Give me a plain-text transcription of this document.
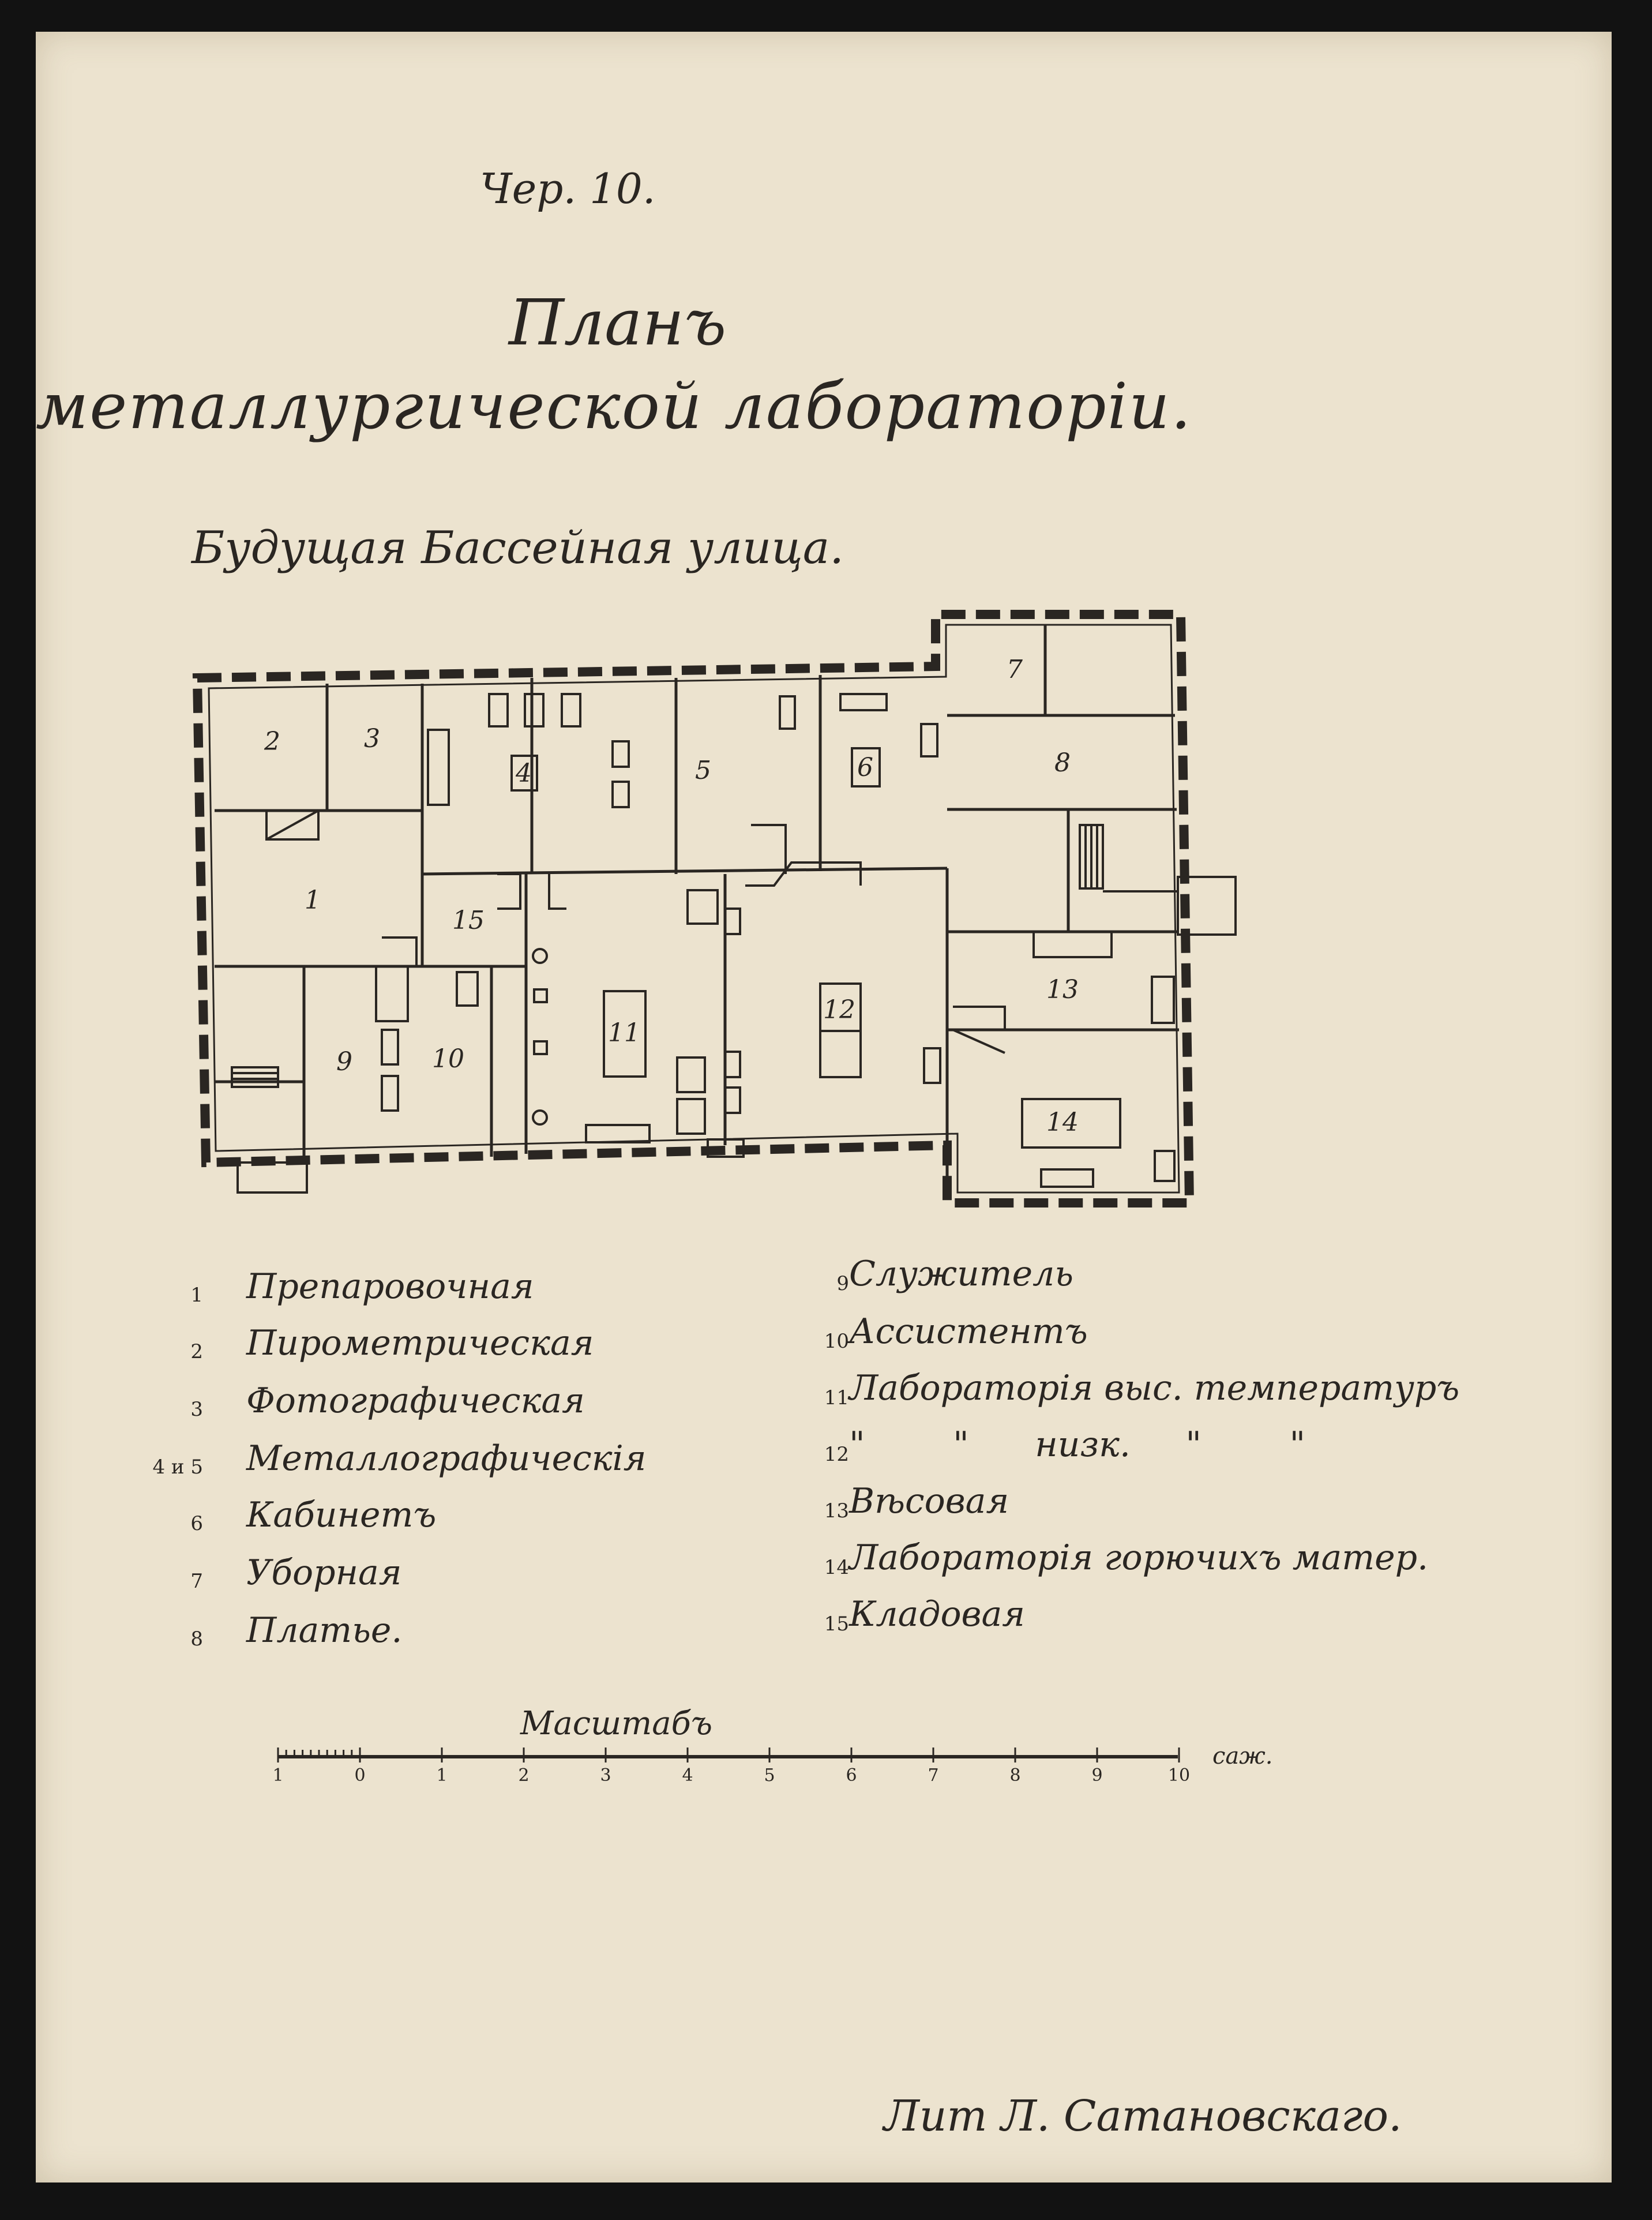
Чер. 10.
Планъ
металлургической лабораторіи.
Будущая Бассейная улица.
2	3
4	5	6
7
8
1
15
11
12
13
14
9	10
1 Препаровочная
2 Пирометрическая
3 Фотографическая
4 и 5 Металлографическія
6 Кабинетъ
7 Уборная
8 Платье.
9 Служитель
10 Ассистентъ
11 Лабораторія выс. температуръ
12 "        "      низк.     "        "
13 Вѣсовая
14 Лабораторія горючихъ матер.
15 Кладовая
Масштабъ
1	0	1	2	3	4	5	6	7	8	9	10
саж.
Лит Л. Сатановскаго.
